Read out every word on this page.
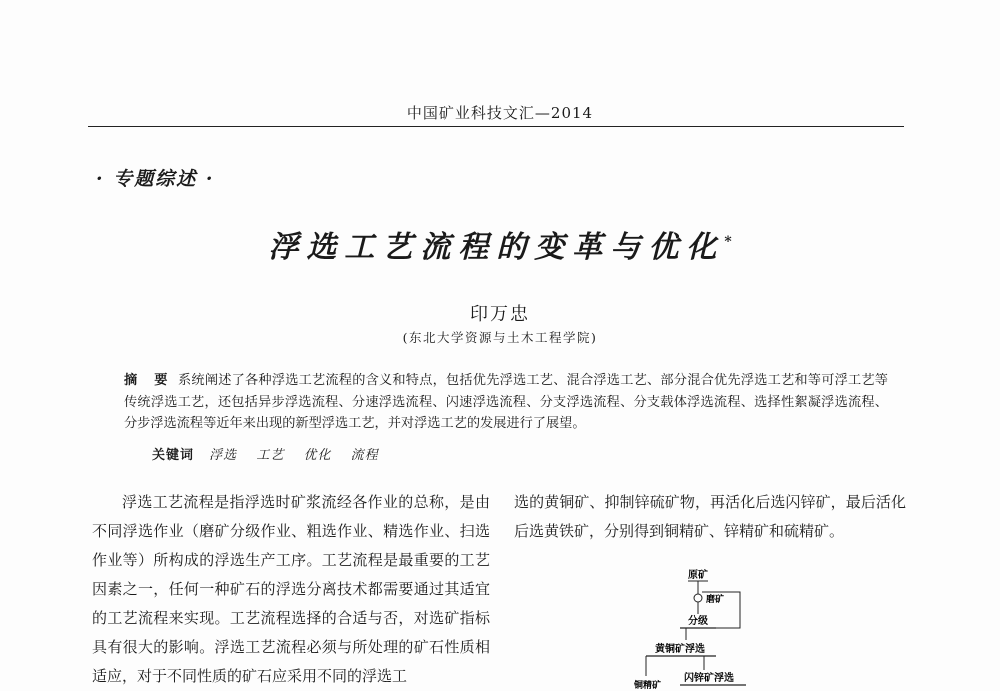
中国矿业科技文汇—2014
· 专题综述 ·
浮选工艺流程的变革与优化*
印万忠
(东北大学资源与土木工程学院)
摘 要 系统阐述了各种浮选工艺流程的含义和特点，包括优先浮选工艺、混合浮选工艺、部分混合优先浮选工艺和等可浮工艺等传统浮选工艺，还包括异步浮选流程、分速浮选流程、闪速浮选流程、分支浮选流程、分支载体浮选流程、选择性絮凝浮选流程、分步浮选流程等近年来出现的新型浮选工艺，并对浮选工艺的发展进行了展望。
关键词 浮选 工艺 优化 流程
浮选工艺流程是指浮选时矿浆流经各作业的总称，是由不同浮选作业（磨矿分级作业、粗选作业、精选作业、扫选作业等）所构成的浮选生产工序。工艺流程是最重要的工艺因素之一，任何一种矿石的浮选分离技术都需要通过其适宜的工艺流程来实现。工艺流程选择的合适与否，对选矿指标具有很大的影响。浮选工艺流程必须与所处理的矿石性质相适应，对于不同性质的矿石应采用不同的浮选工
选的黄铜矿、抑制锌硫矿物，再活化后选闪锌矿，最后活化后选黄铁矿，分别得到铜精矿、锌精矿和硫精矿。
原矿
磨矿
分级
黄铜矿浮选
铜精矿
闪锌矿浮选
